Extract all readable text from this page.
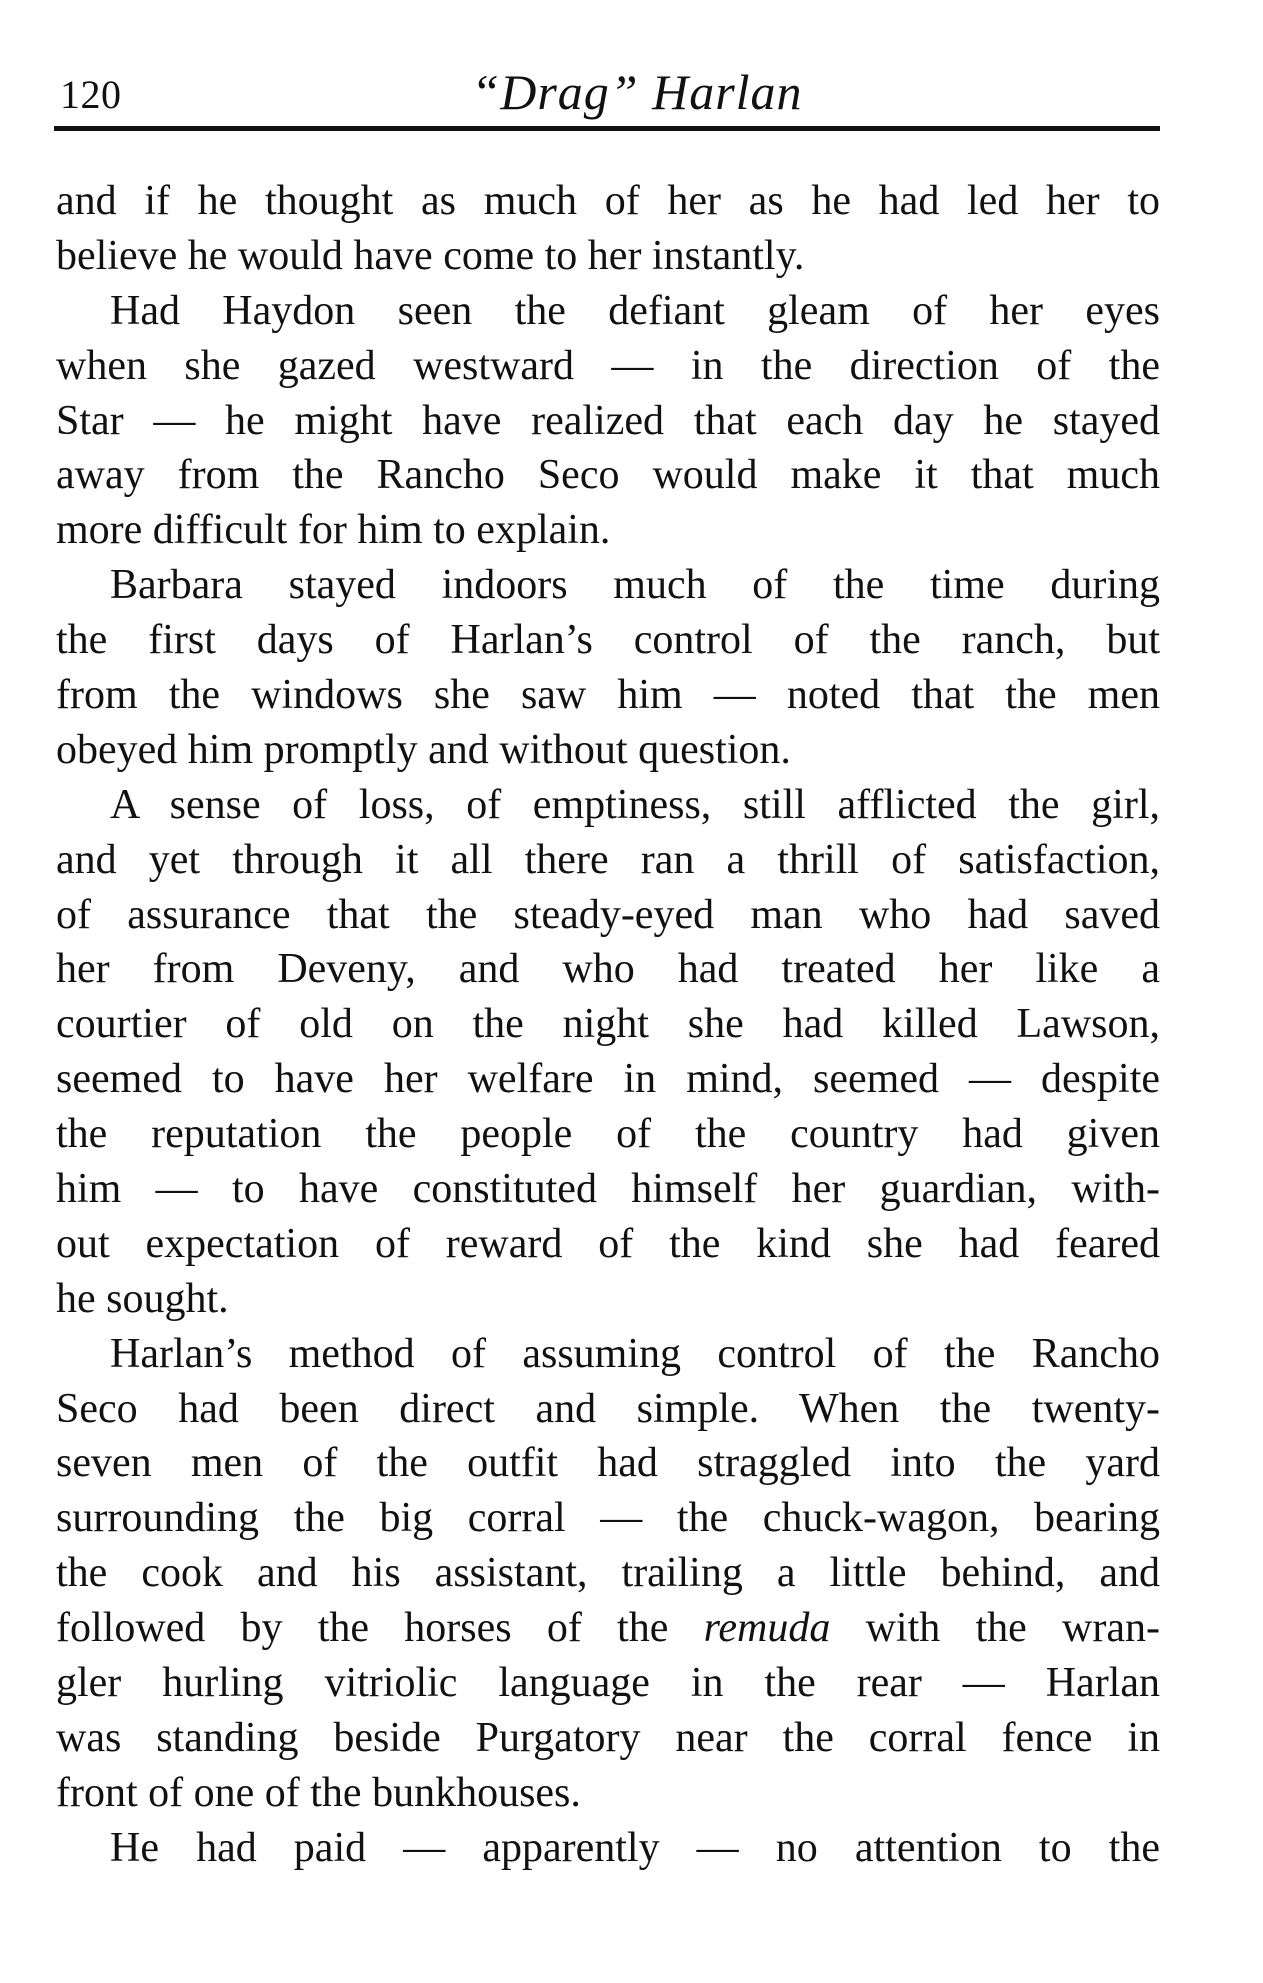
120	“Drag” Harlan
and if he thought as much of her as he had led her to
believe he would have come to her instantly.
Had Haydon seen the defiant gleam of her eyes
when she gazed westward — in the direction of the
Star — he might have realized that each day he stayed
away from the Rancho Seco would make it that much
more difficult for him to explain.
Barbara stayed indoors much of the time during
the first days of Harlan’s control of the ranch, but
from the windows she saw him — noted that the men
obeyed him promptly and without question.
A sense of loss, of emptiness, still afflicted the girl,
and yet through it all there ran a thrill of satisfaction,
of assurance that the steady-eyed man who had saved
her from Deveny, and who had treated her like a
courtier of old on the night she had killed Lawson,
seemed to have her welfare in mind, seemed — despite
the reputation the people of the country had given
him — to have constituted himself her guardian, with-
out expectation of reward of the kind she had feared
he sought.
Harlan’s method of assuming control of the Rancho
Seco had been direct and simple. When the twenty-
seven men of the outfit had straggled into the yard
surrounding the big corral — the chuck-wagon, bearing
the cook and his assistant, trailing a little behind, and
followed by the horses of the remuda with the wran-
gler hurling vitriolic language in the rear — Harlan
was standing beside Purgatory near the corral fence in
front of one of the bunkhouses.
He had paid — apparently — no attention to the
